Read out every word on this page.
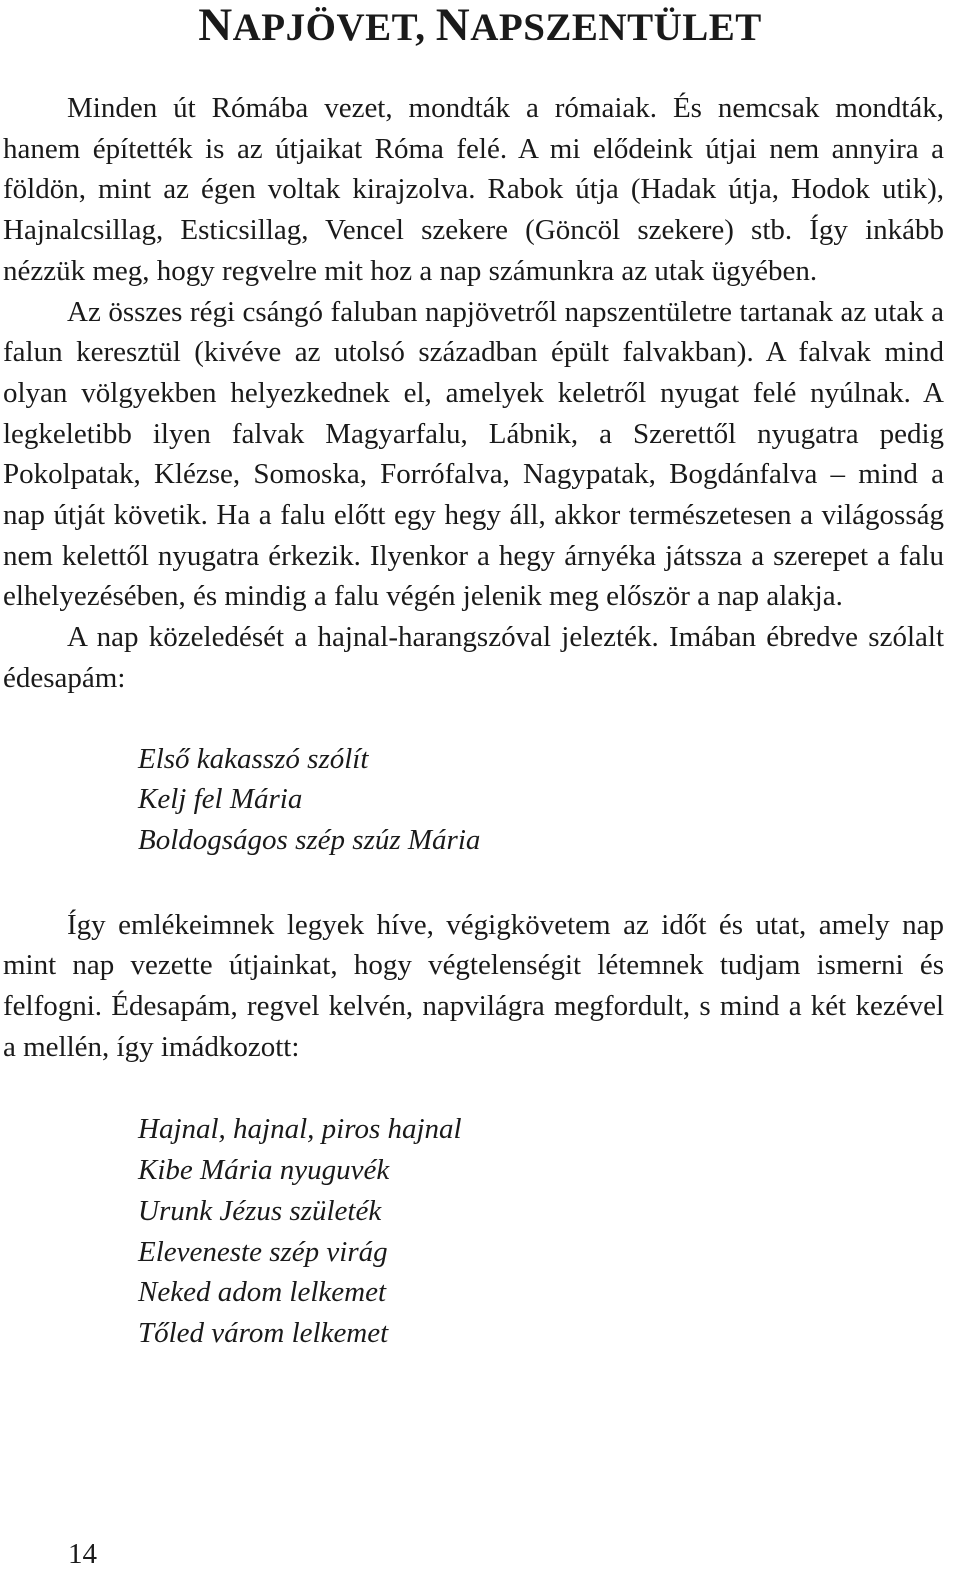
NAPJÖVET, NAPSZENTÜLET

Minden út Rómába vezet, mondták a rómaiak. És nemcsak mondták, hanem építették is az útjaikat Róma felé. A mi elődeink útjai nem annyira a földön, mint az égen voltak kirajzolva. Rabok útja (Hadak útja, Hodok utik), Hajnalcsillag, Esticsillag, Vencel szekere (Göncöl szekere) stb. Így inkább nézzük meg, hogy regvelre mit hoz a nap számunkra az utak ügyében.

Az összes régi csángó faluban napjövetről napszentületre tartanak az utak a falun keresztül (kivéve az utolsó században épült falvakban). A falvak mind olyan völgyekben helyezkednek el, amelyek keletről nyugat felé nyúlnak. A legkeletibb ilyen falvak Magyarfalu, Lábnik, a Szerettől nyugatra pedig Pokolpatak, Klézse, Somoska, Forrófalva, Nagypatak, Bogdánfalva – mind a nap útját követik. Ha a falu előtt egy hegy áll, akkor természetesen a világosság nem kelettől nyugatra érkezik. Ilyenkor a hegy árnyéka játssza a szerepet a falu elhelyezésében, és mindig a falu végén jelenik meg először a nap alakja.

A nap közeledését a hajnal-harangszóval jelezték. Imában ébredve szólalt édesapám:

Első kakasszó szólít
Kelj fel Mária
Boldogságos szép szúz Mária

Így emlékeimnek legyek híve, végigkövetem az időt és utat, amely nap mint nap vezette útjainkat, hogy végtelenségit létemnek tudjam ismerni és felfogni. Édesapám, regvel kelvén, napvilágra megfordult, s mind a két kezével a mellén, így imádkozott:

Hajnal, hajnal, piros hajnal
Kibe Mária nyuguvék
Urunk Jézus születék
Eleveneste szép virág
Neked adom lelkemet
Tőled várom lelkemet
14
